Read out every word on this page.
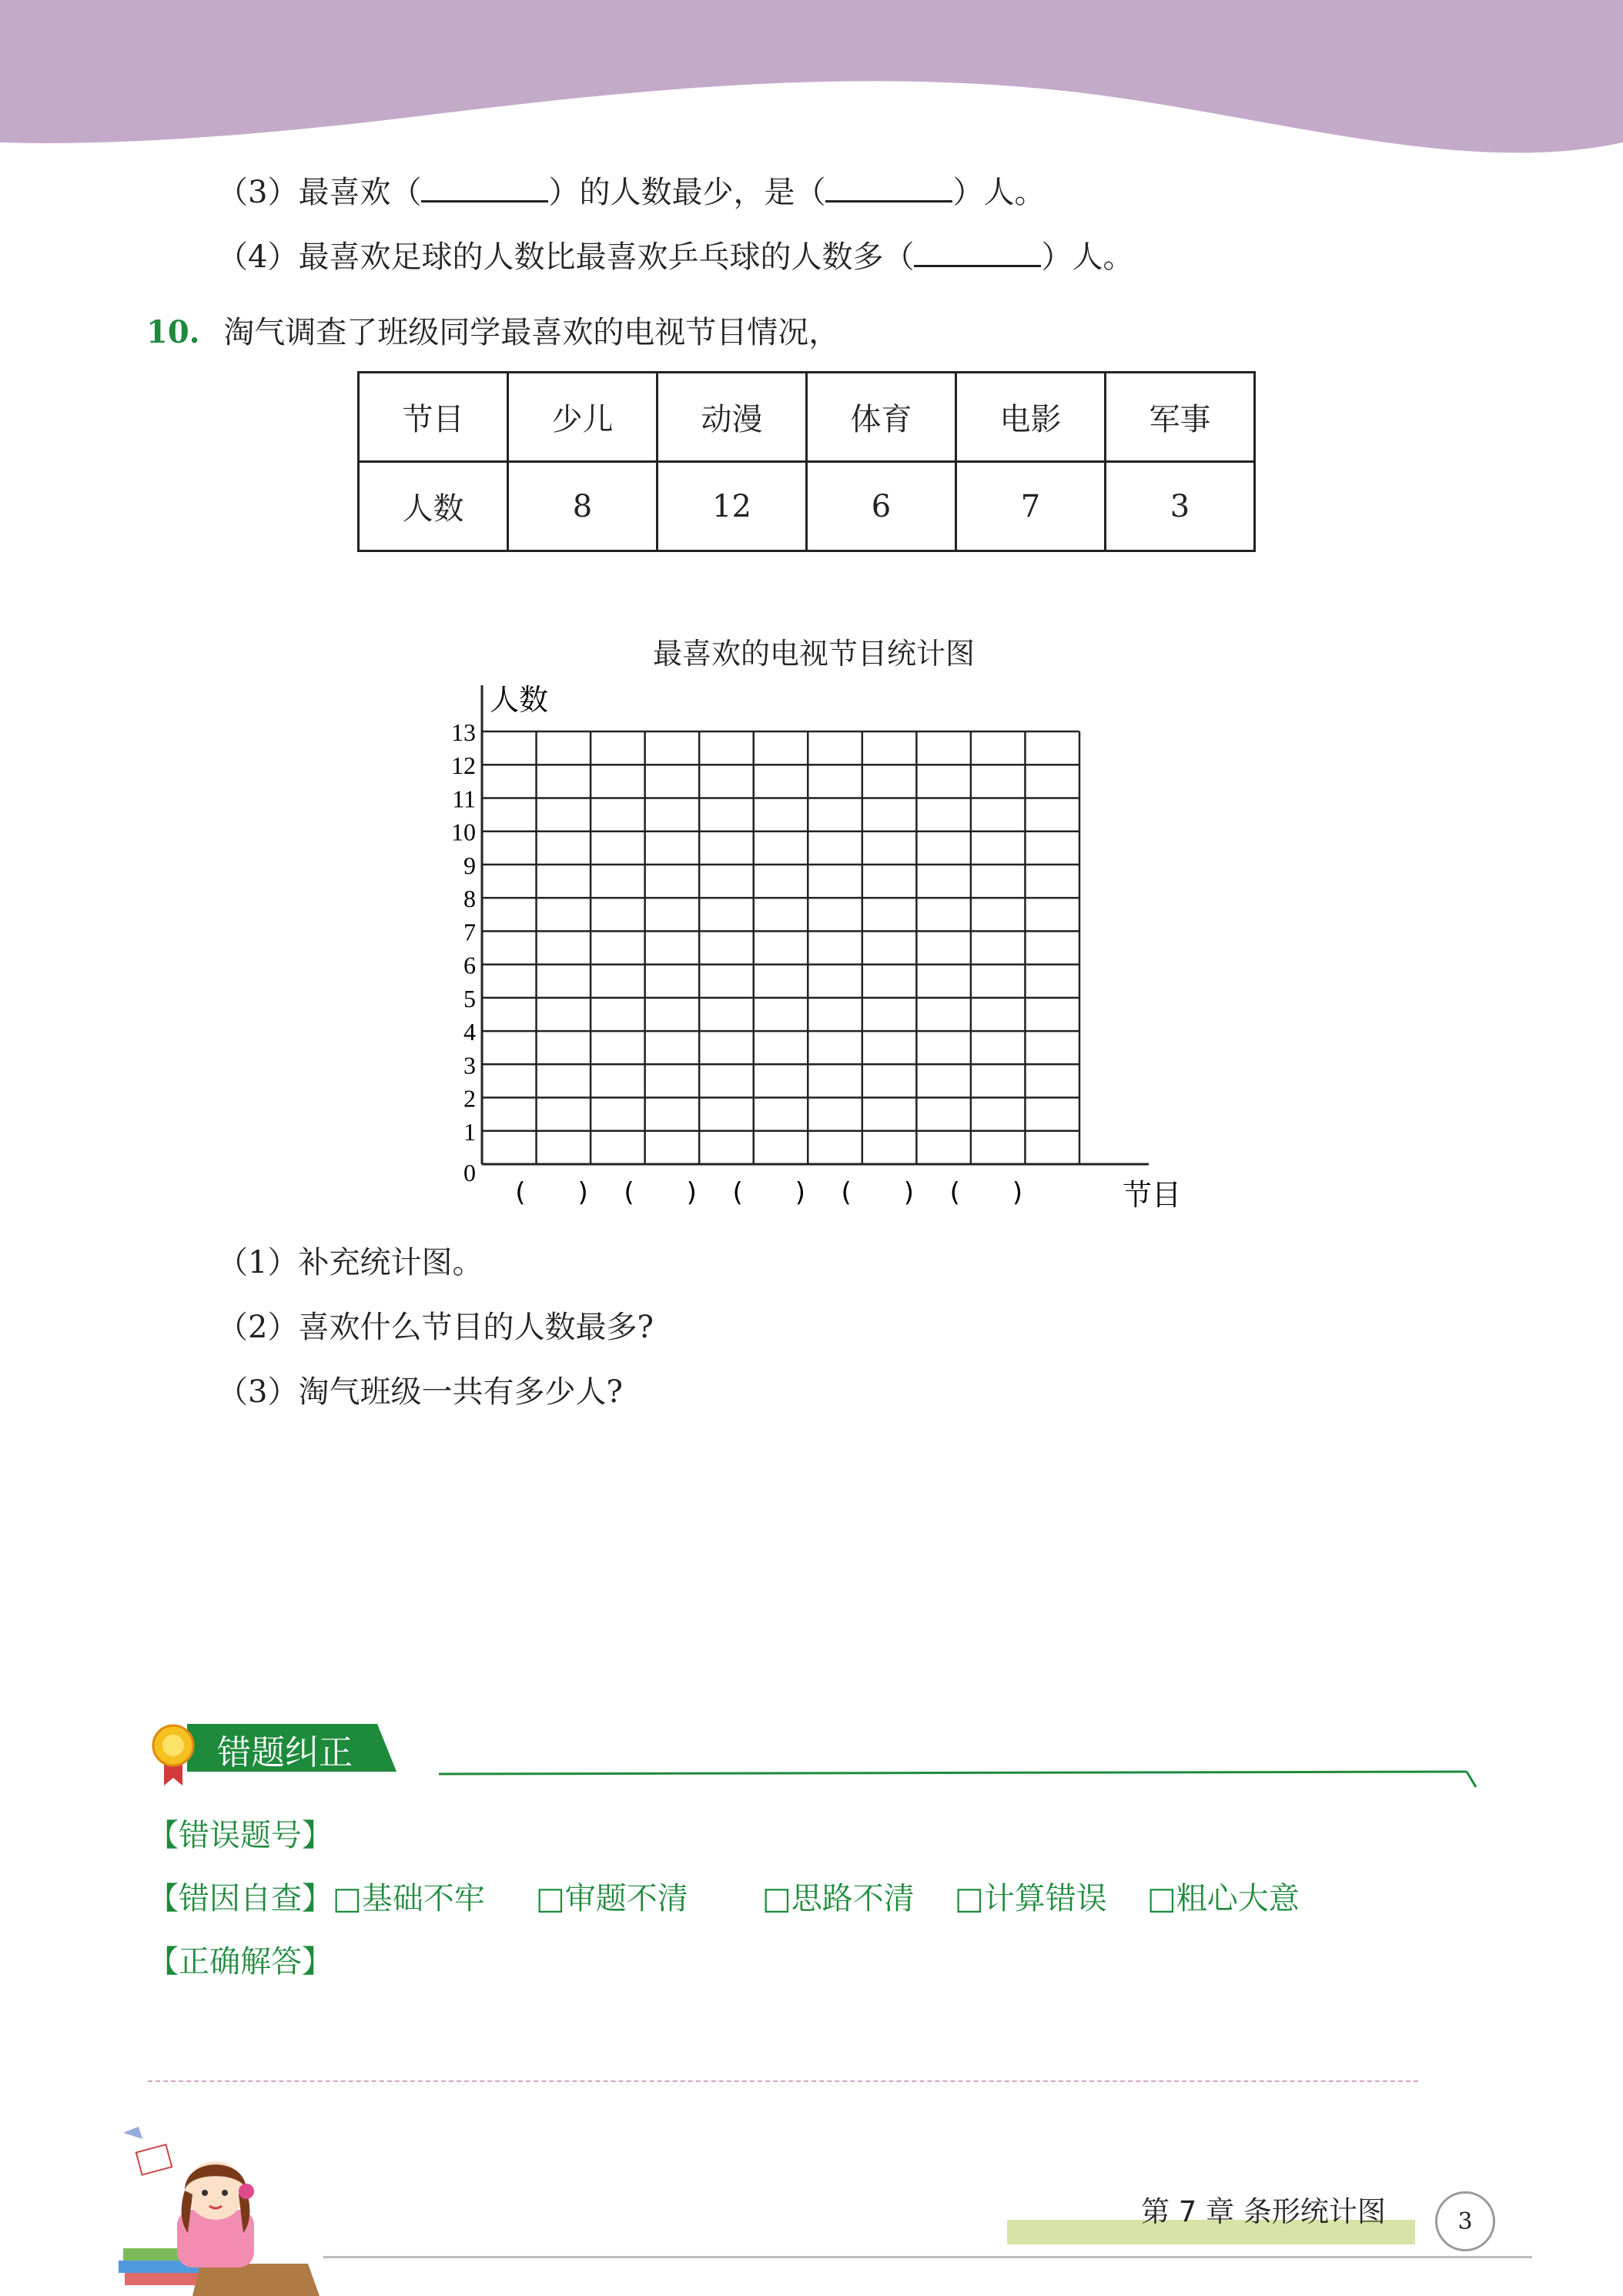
（3）最喜欢（	）的人数最少，是（	）人。
（4）最喜欢足球的人数比最喜欢乒乓球的人数多（	）人。
10. 淘气调查了班级同学最喜欢的电视节目情况，
节目	少儿	动漫	体育	电影	军事
人数	8	12	6	7	3
最喜欢的电视节目统计图
0
1
2
3
4
5
6
7
8
9
10
11
12
13
(　　) (　　) (　　) (　　) (　　)
人数
节目
（1）补充统计图。
（2）喜欢什么节目的人数最多?
（3）淘气班级一共有多少人?
错题纠正
【错误题号】
【错因自查】□基础不牢 □审题不清 □思路不清 □计算错误 □粗心大意
【正确解答】
第 7 章 条形统计图	3
